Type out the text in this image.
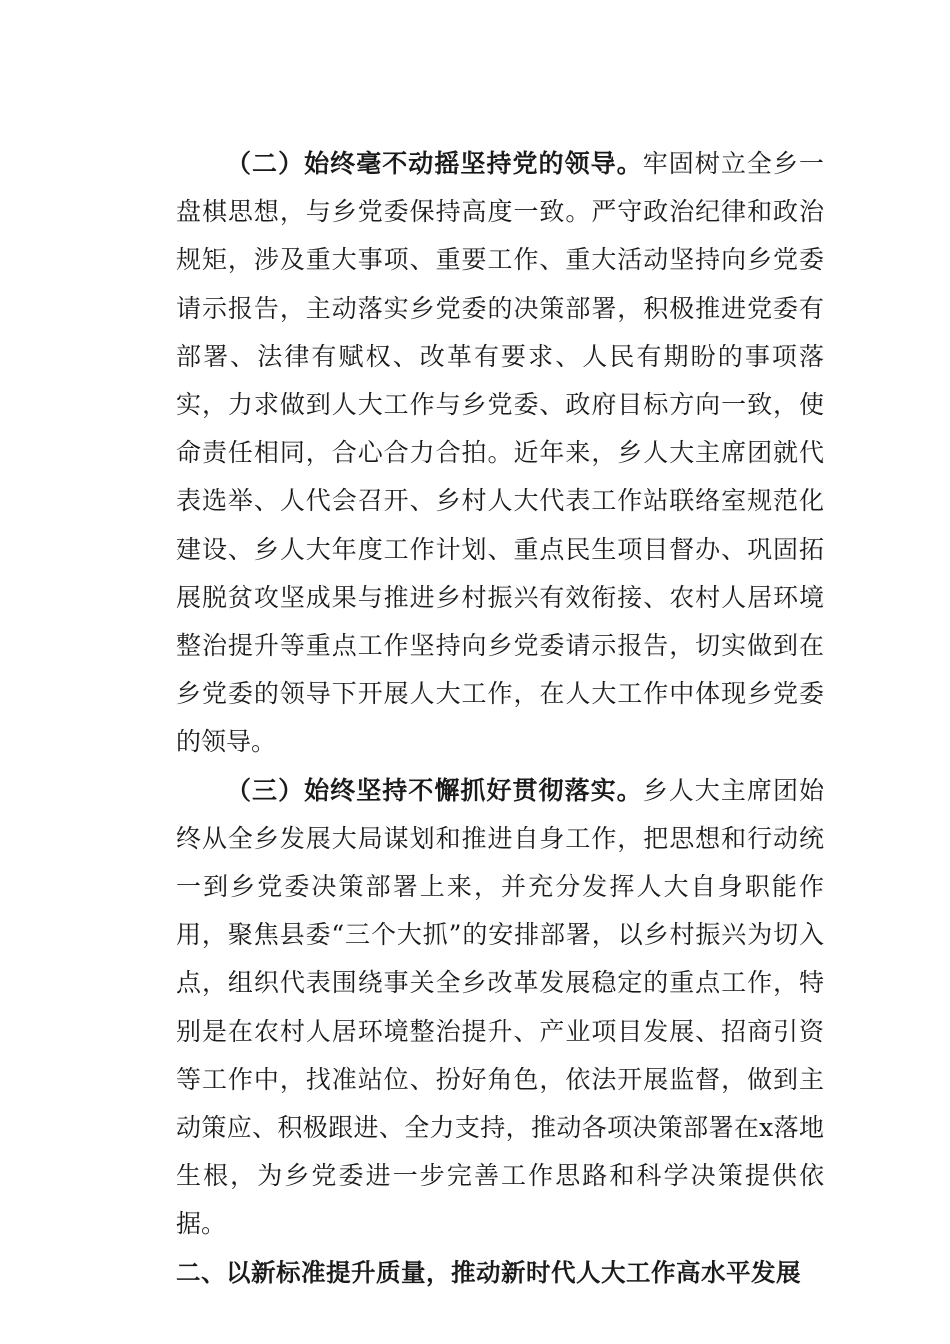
（二）始终毫不动摇坚持党的领导。牢固树立全乡一盘棋思想，与乡党委保持高度一致。严守政治纪律和政治规矩，涉及重大事项、重要工作、重大活动坚持向乡党委请示报告，主动落实乡党委的决策部署，积极推进党委有部署、法律有赋权、改革有要求、人民有期盼的事项落实，力求做到人大工作与乡党委、政府目标方向一致，使命责任相同，合心合力合拍。近年来，乡人大主席团就代表选举、人代会召开、乡村人大代表工作站联络室规范化建设、乡人大年度工作计划、重点民生项目督办、巩固拓展脱贫攻坚成果与推进乡村振兴有效衔接、农村人居环境整治提升等重点工作坚持向乡党委请示报告，切实做到在乡党委的领导下开展人大工作，在人大工作中体现乡党委的领导。

（三）始终坚持不懈抓好贯彻落实。乡人大主席团始终从全乡发展大局谋划和推进自身工作，把思想和行动统一到乡党委决策部署上来，并充分发挥人大自身职能作用，聚焦县委“三个大抓”的安排部署，以乡村振兴为切入点，组织代表围绕事关全乡改革发展稳定的重点工作，特别是在农村人居环境整治提升、产业项目发展、招商引资等工作中，找准站位、扮好角色，依法开展监督，做到主动策应、积极跟进、全力支持，推动各项决策部署在x落地生根，为乡党委进一步完善工作思路和科学决策提供依据。

二、以新标准提升质量，推动新时代人大工作高水平发展
